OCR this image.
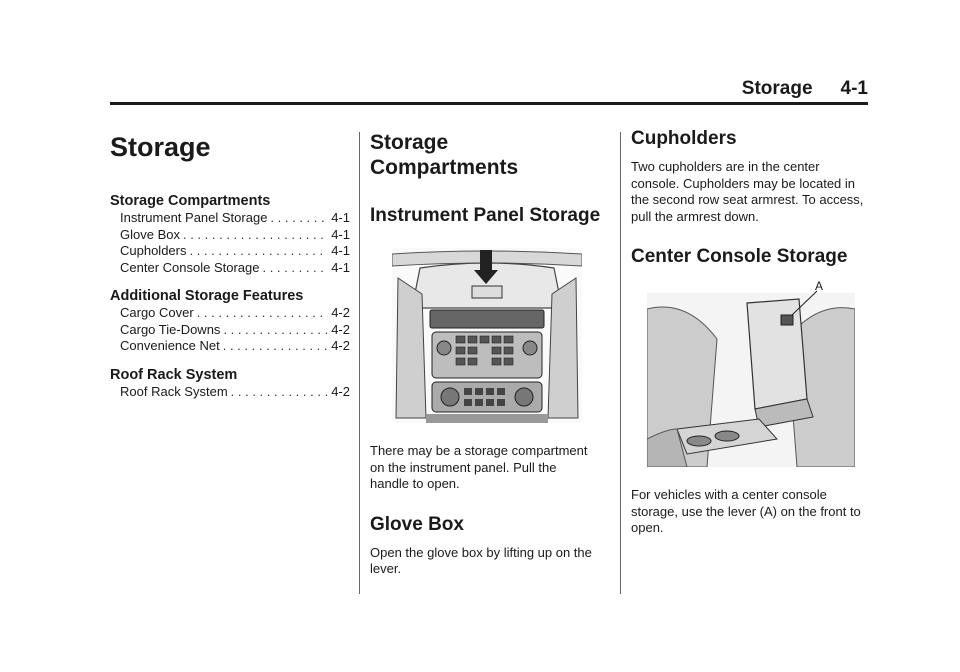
Storage 4-1
Storage
Storage Compartments
Instrument Panel Storage . . .	4-1
Glove Box . . .	4-1
Cupholders . . .	4-1
Center Console Storage . . .	4-1
Additional Storage Features
Cargo Cover . . .	4-2
Cargo Tie-Downs . . .	4-2
Convenience Net . . .	4-2
Roof Rack System
Roof Rack System . . .	4-2
Storage
Compartments
Instrument Panel Storage

There may be a storage compartment on the instrument panel. Pull the handle to open.

Glove Box

Open the glove box by lifting up on the lever.

Cupholders

Two cupholders are in the center console. Cupholders may be located in the second row seat armrest. To access, pull the armrest down.

Center Console Storage
A

For vehicles with a center console storage, use the lever (A) on the front to open.
